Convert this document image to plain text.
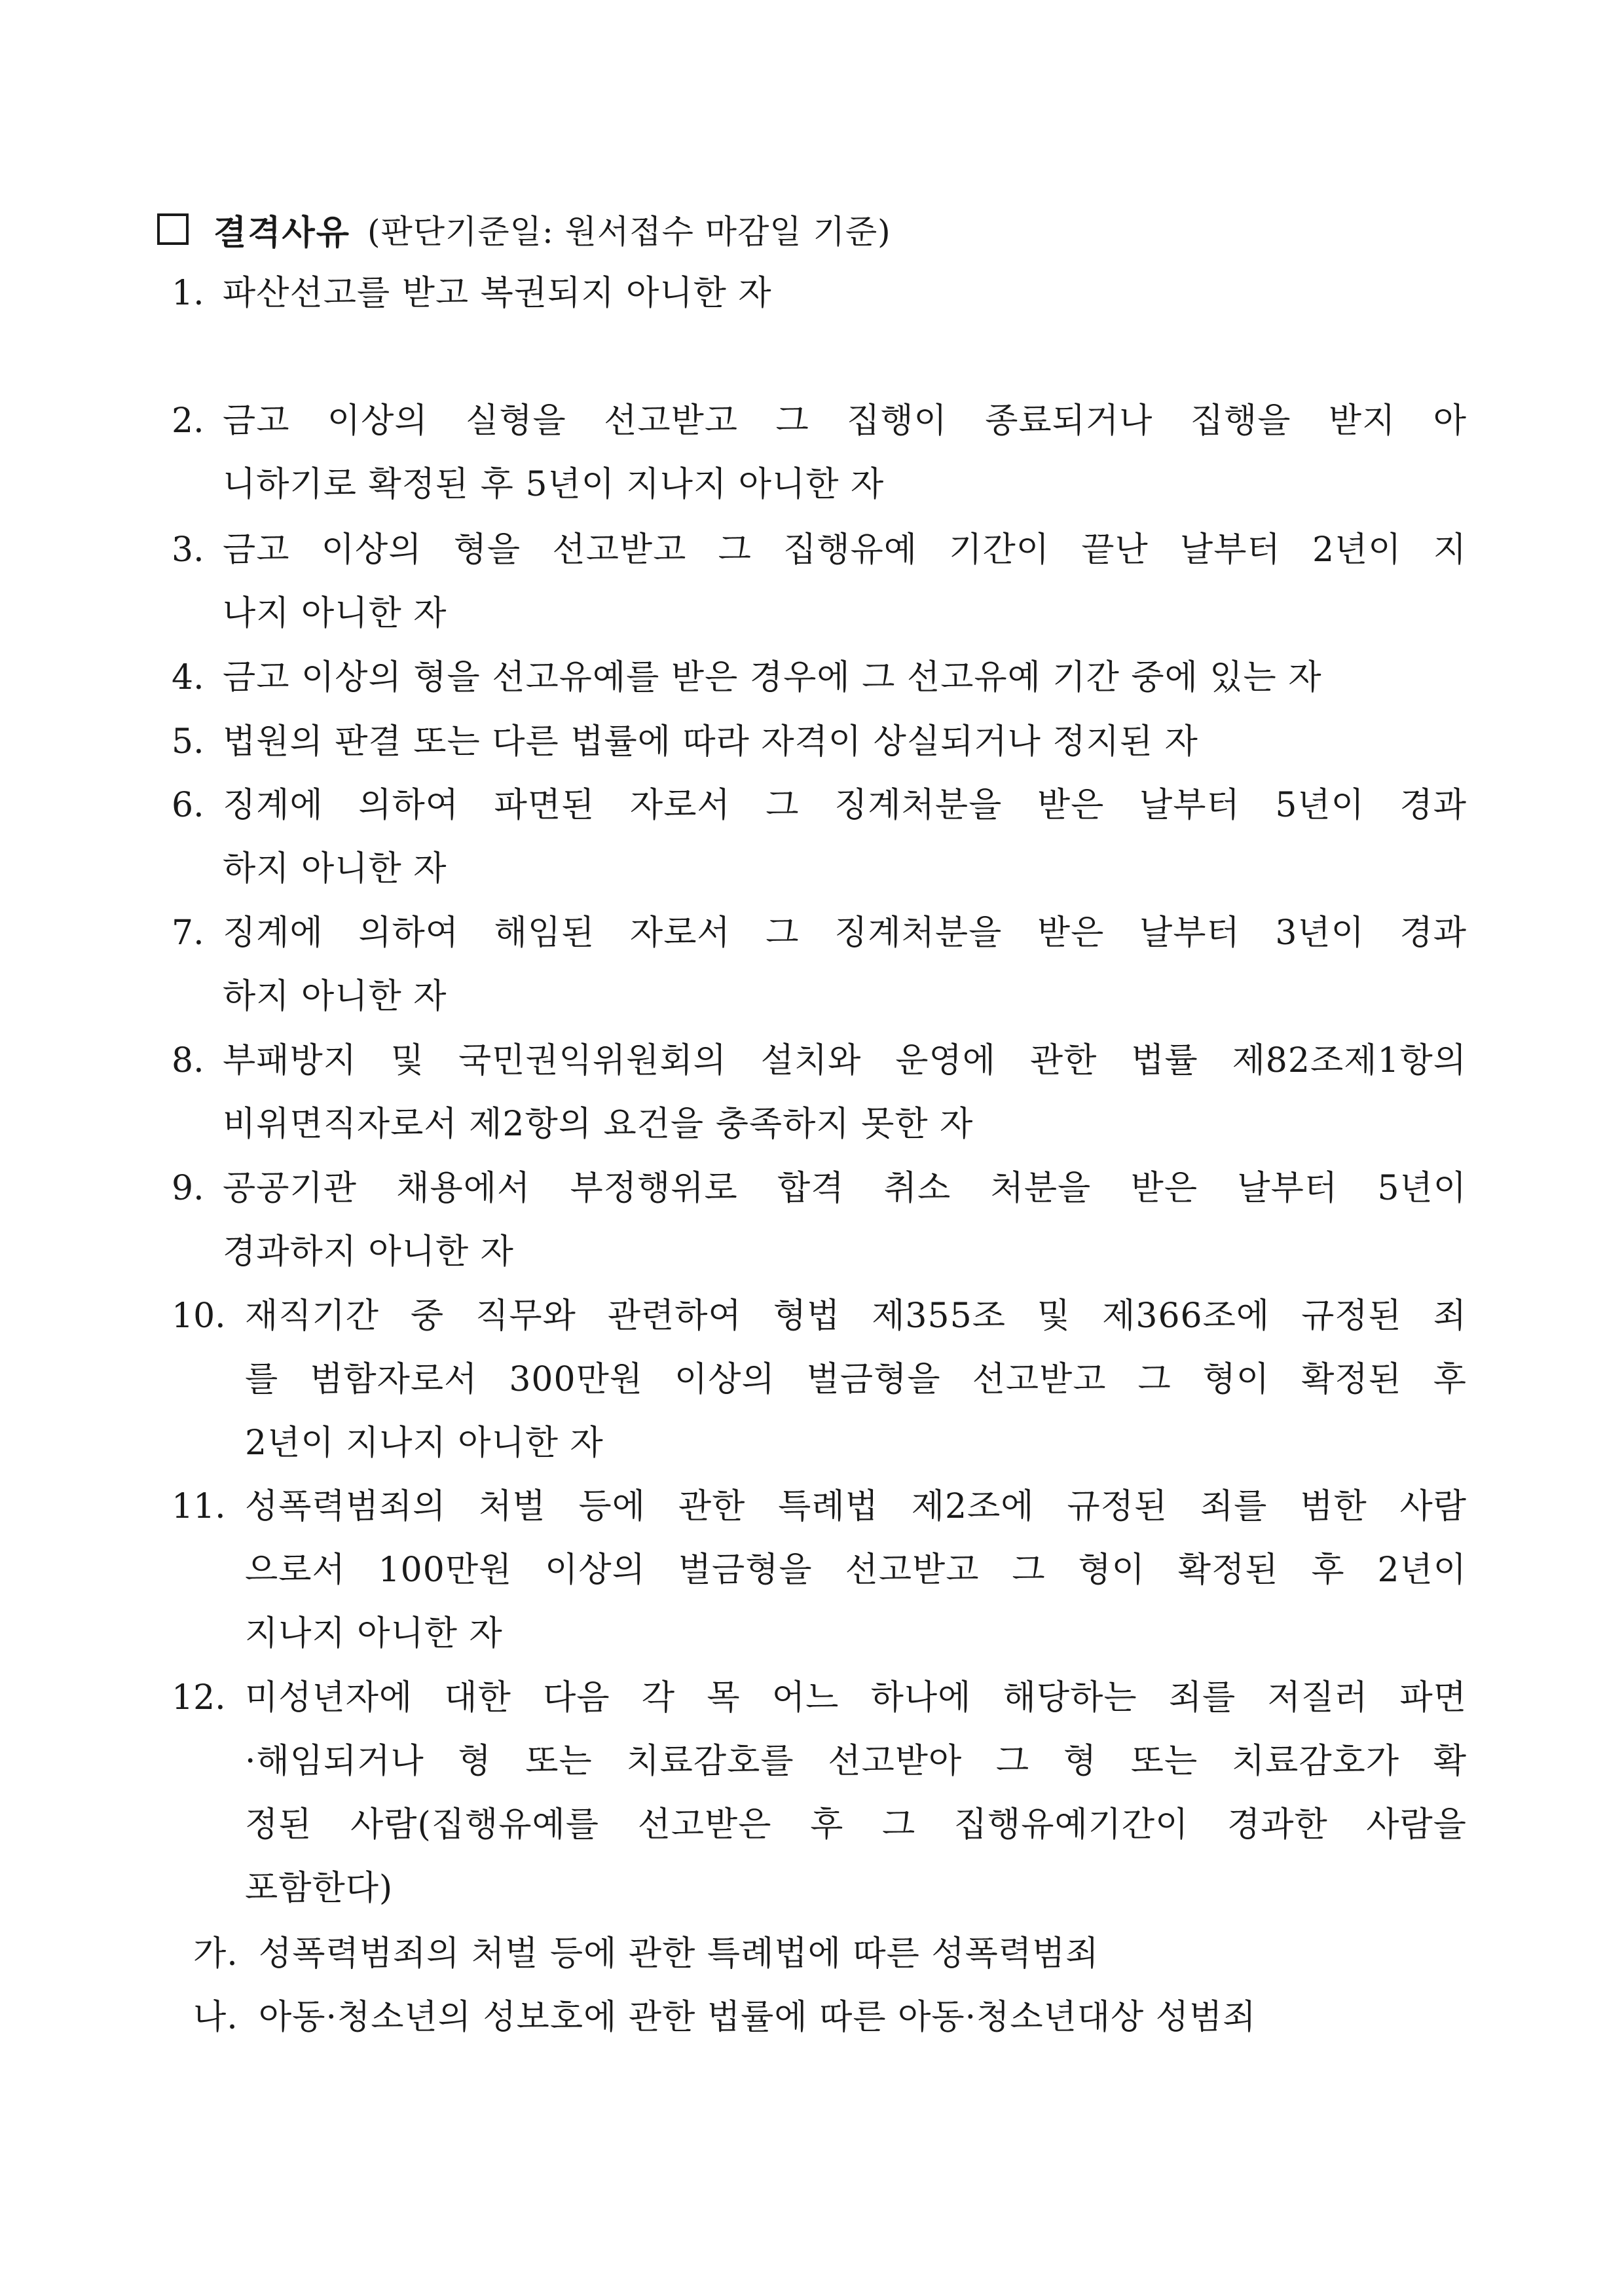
결격사유 (판단기준일: 원서접수 마감일 기준)
1. 파산선고를 받고 복권되지 아니한 자
2. 금고 이상의 실형을 선고받고 그 집행이 종료되거나 집행을 받지 아
니하기로 확정된 후 5년이 지나지 아니한 자
3. 금고 이상의 형을 선고받고 그 집행유예 기간이 끝난 날부터 2년이 지
나지 아니한 자
4. 금고 이상의 형을 선고유예를 받은 경우에 그 선고유예 기간 중에 있는 자
5. 법원의 판결 또는 다른 법률에 따라 자격이 상실되거나 정지된 자
6. 징계에 의하여 파면된 자로서 그 징계처분을 받은 날부터 5년이 경과
하지 아니한 자
7. 징계에 의하여 해임된 자로서 그 징계처분을 받은 날부터 3년이 경과
하지 아니한 자
8. 부패방지 및 국민권익위원회의 설치와 운영에 관한 법률 제82조제1항의
비위면직자로서 제2항의 요건을 충족하지 못한 자
9. 공공기관 채용에서 부정행위로 합격 취소 처분을 받은 날부터 5년이
경과하지 아니한 자
10. 재직기간 중 직무와 관련하여 형법 제355조 및 제366조에 규정된 죄
를 범함자로서 300만원 이상의 벌금형을 선고받고 그 형이 확정된 후
2년이 지나지 아니한 자
11. 성폭력범죄의 처벌 등에 관한 특례법 제2조에 규정된 죄를 범한 사람
으로서 100만원 이상의 벌금형을 선고받고 그 형이 확정된 후 2년이
지나지 아니한 자
12. 미성년자에 대한 다음 각 목 어느 하나에 해당하는 죄를 저질러 파면
·해임되거나 형 또는 치료감호를 선고받아 그 형 또는 치료감호가 확
정된 사람(집행유예를 선고받은 후 그 집행유예기간이 경과한 사람을
포함한다)
가. 성폭력범죄의 처벌 등에 관한 특례법에 따른 성폭력범죄
나. 아동·청소년의 성보호에 관한 법률에 따른 아동·청소년대상 성범죄
